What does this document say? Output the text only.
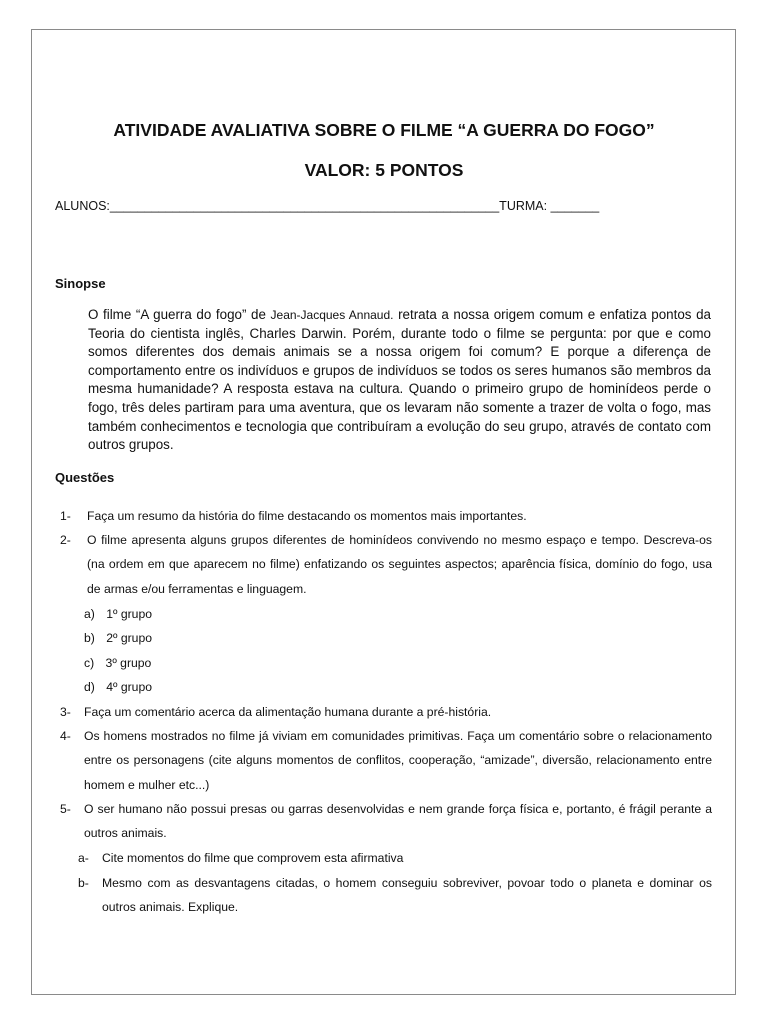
ATIVIDADE AVALIATIVA SOBRE O FILME “A GUERRA DO FOGO”
VALOR: 5 PONTOS
ALUNOS:________________________________________________________TURMA: _______
Sinopse
O filme “A guerra do fogo” de Jean-Jacques Annaud. retrata a nossa origem comum e enfatiza pontos da Teoria do cientista inglês, Charles Darwin. Porém, durante todo o filme se pergunta: por que e como somos diferentes dos demais animais se a nossa origem foi comum? E porque a diferença de comportamento entre os indivíduos e grupos de indivíduos se todos os seres humanos são membros da mesma humanidade? A resposta estava na cultura. Quando o primeiro grupo de hominídeos perde o fogo, três deles partiram para uma aventura, que os levaram não somente a trazer de volta o fogo, mas também conhecimentos e tecnologia que contribuíram a evolução do seu grupo, através de contato com outros grupos.
Questões
1- Faça um resumo da história do filme destacando os momentos mais importantes.
2- O filme apresenta alguns grupos diferentes de hominídeos convivendo no mesmo espaço e tempo. Descreva-os (na ordem em que aparecem no filme) enfatizando os seguintes aspectos; aparência física, domínio do fogo, usa de armas e/ou ferramentas e linguagem.
a) 1º grupo
b) 2º grupo
c) 3º grupo
d) 4º grupo
3- Faça um comentário acerca da alimentação humana durante a pré-história.
4- Os homens mostrados no filme já viviam em comunidades primitivas. Faça um comentário sobre o relacionamento entre os personagens (cite alguns momentos de conflitos, cooperação, “amizade”, diversão, relacionamento entre homem e mulher etc...)
5- O ser humano não possui presas ou garras desenvolvidas e nem grande força física e, portanto, é frágil perante a outros animais.
a- Cite momentos do filme que comprovem esta afirmativa
b- Mesmo com as desvantagens citadas, o homem conseguiu sobreviver, povoar todo o planeta e dominar os outros animais. Explique.
